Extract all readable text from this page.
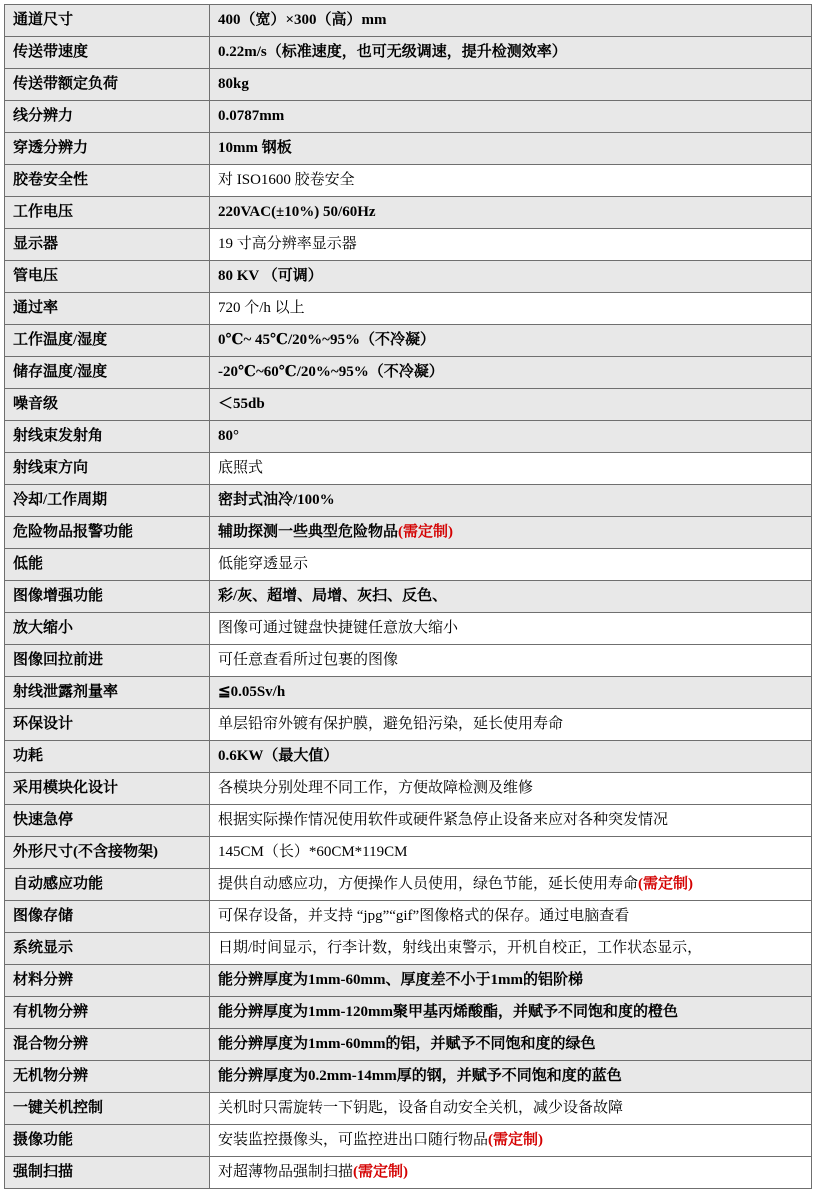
通道尺寸	400（宽）×300（高）mm
传送带速度	0.22m/s（标准速度，也可无级调速，提升检测效率）
传送带额定负荷	80kg
线分辨力	0.0787mm
穿透分辨力	10mm 钢板
胶卷安全性	对 ISO1600 胶卷安全
工作电压	220VAC(±10%) 50/60Hz
显示器	19 寸高分辨率显示器
管电压	80 KV （可调）
通过率	720 个/h 以上
工作温度/湿度	0℃~ 45℃/20%~95%（不冷凝）
储存温度/湿度	-20℃~60℃/20%~95%（不冷凝）
噪音级	＜55db
射线束发射角	80°
射线束方向	底照式
冷却/工作周期	密封式油冷/100%
危险物品报警功能	辅助探测一些典型危险物品(需定制)
低能	低能穿透显示
图像增强功能	彩/灰、超增、局增、灰扫、反色、
放大缩小	图像可通过键盘快捷键任意放大缩小
图像回拉前进	可任意查看所过包裹的图像
射线泄露剂量率	≦0.05Sv/h
环保设计	单层铅帘外镀有保护膜，避免铅污染，延长使用寿命
功耗	0.6KW（最大值）
采用模块化设计	各模块分别处理不同工作，方便故障检测及维修
快速急停	根据实际操作情况使用软件或硬件紧急停止设备来应对各种突发情况
外形尺寸(不含接物架)	145CM（长）*60CM*119CM
自动感应功能	提供自动感应功，方便操作人员使用，绿色节能，延长使用寿命(需定制)
图像存储	可保存设备，并支持 “jpg”“gif”图像格式的保存。通过电脑查看
系统显示	日期/时间显示，行李计数，射线出束警示，开机自校正，工作状态显示，
材料分辨	能分辨厚度为1mm-60mm、厚度差不小于1mm的铝阶梯
有机物分辨	能分辨厚度为1mm-120mm聚甲基丙烯酸酯，并赋予不同饱和度的橙色
混合物分辨	能分辨厚度为1mm-60mm的铝，并赋予不同饱和度的绿色
无机物分辨	能分辨厚度为0.2mm-14mm厚的钢，并赋予不同饱和度的蓝色
一键关机控制	关机时只需旋转一下钥匙，设备自动安全关机，减少设备故障
摄像功能	安装监控摄像头，可监控进出口随行物品(需定制)
强制扫描	对超薄物品强制扫描(需定制)
